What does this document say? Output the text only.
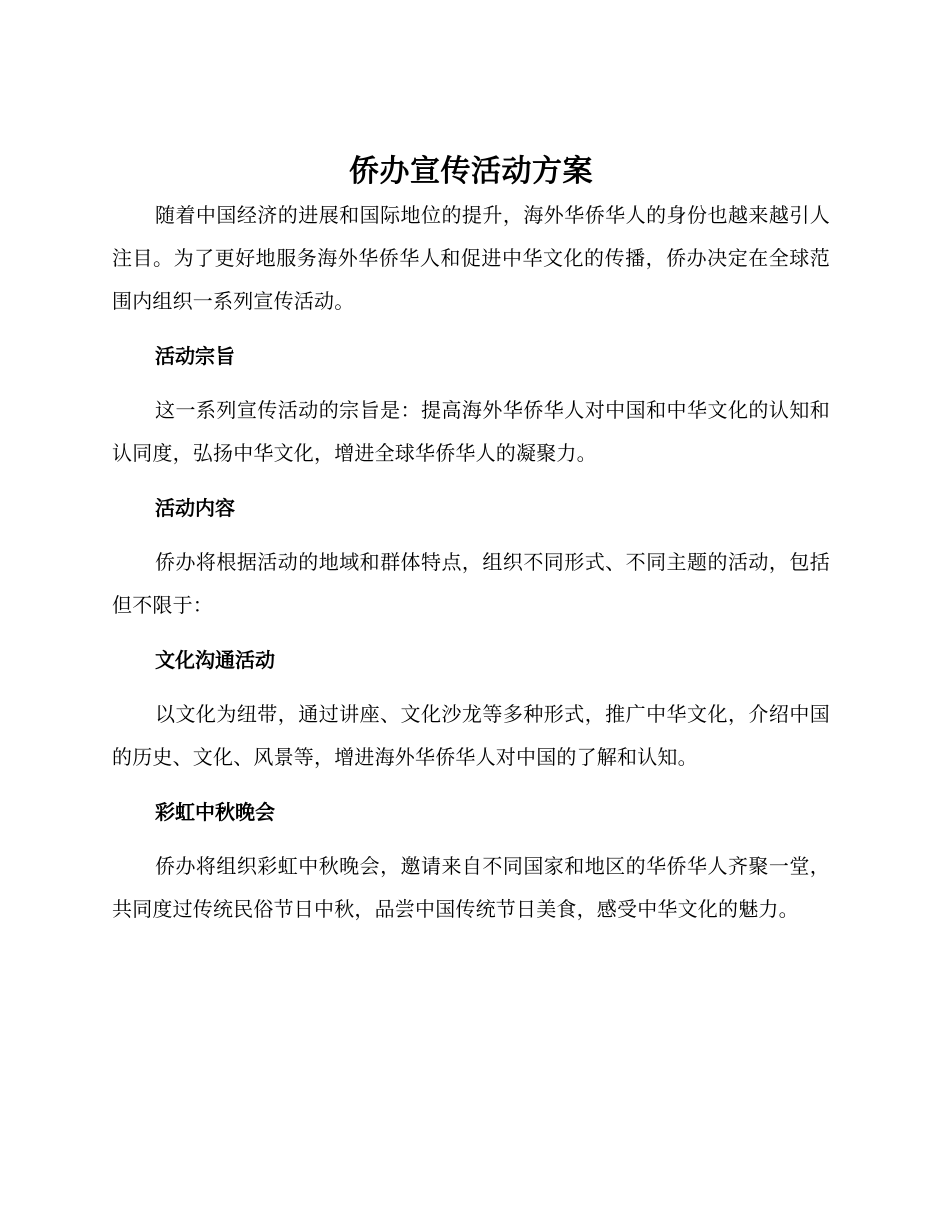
侨办宣传活动方案

随着中国经济的进展和国际地位的提升，海外华侨华人的身份也越来越引人注目。为了更好地服务海外华侨华人和促进中华文化的传播，侨办决定在全球范围内组织一系列宣传活动。

活动宗旨

这一系列宣传活动的宗旨是：提高海外华侨华人对中国和中华文化的认知和认同度，弘扬中华文化，增进全球华侨华人的凝聚力。

活动内容

侨办将根据活动的地域和群体特点，组织不同形式、不同主题的活动，包括但不限于：

文化沟通活动

以文化为纽带，通过讲座、文化沙龙等多种形式，推广中华文化，介绍中国的历史、文化、风景等，增进海外华侨华人对中国的了解和认知。

彩虹中秋晚会

侨办将组织彩虹中秋晚会，邀请来自不同国家和地区的华侨华人齐聚一堂，共同度过传统民俗节日中秋，品尝中国传统节日美食，感受中华文化的魅力。
